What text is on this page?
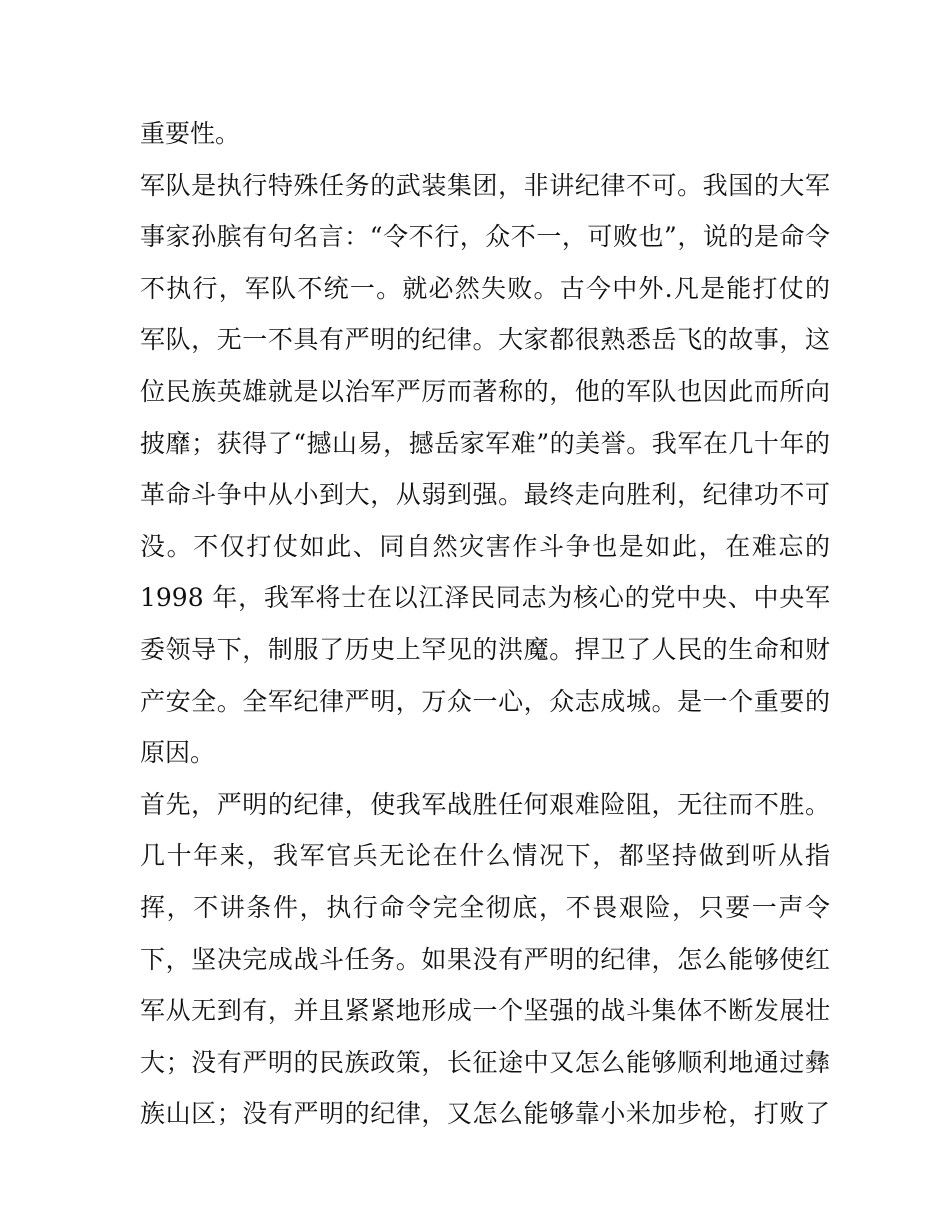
重要性。
军队是执行特殊任务的武装集团，非讲纪律不可。我国的大军
事家孙膑有句名言：“令不行，众不一，可败也”，说的是命令
不执行，军队不统一。就必然失败。古今中外.凡是能打仗的
军队，无一不具有严明的纪律。大家都很熟悉岳飞的故事，这
位民族英雄就是以治军严厉而著称的，他的军队也因此而所向
披靡；获得了“撼山易，撼岳家军难”的美誉。我军在几十年的
革命斗争中从小到大，从弱到强。最终走向胜利，纪律功不可
没。不仅打仗如此、同自然灾害作斗争也是如此，在难忘的
1998 年，我军将士在以江泽民同志为核心的党中央、中央军
委领导下，制服了历史上罕见的洪魔。捍卫了人民的生命和财
产安全。全军纪律严明，万众一心，众志成城。是一个重要的
原因。
首先，严明的纪律，使我军战胜任何艰难险阻，无往而不胜。
几十年来，我军官兵无论在什么情况下，都坚持做到听从指
挥，不讲条件，执行命令完全彻底，不畏艰险，只要一声令
下，坚决完成战斗任务。如果没有严明的纪律，怎么能够使红
军从无到有，并且紧紧地形成一个坚强的战斗集体不断发展壮
大；没有严明的民族政策，长征途中又怎么能够顺利地通过彝
族山区；没有严明的纪律，又怎么能够靠小米加步枪，打败了
